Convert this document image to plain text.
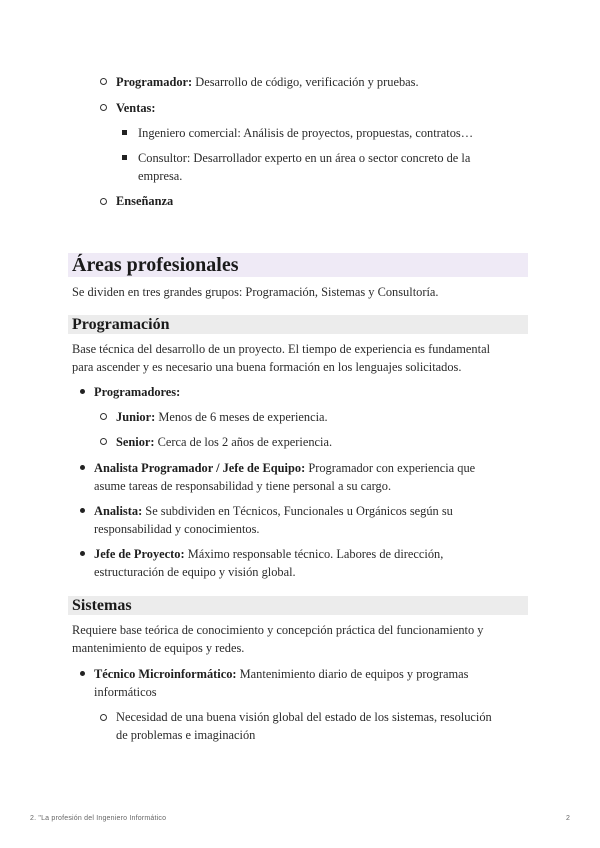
Programador: Desarrollo de código, verificación y pruebas.
Ventas:
Ingeniero comercial: Análisis de proyectos, propuestas, contratos…
Consultor: Desarrollador experto en un área o sector concreto de la
empresa.
Enseñanza
Áreas profesionales
Se dividen en tres grandes grupos: Programación, Sistemas y Consultoría.
Programación
Base técnica del desarrollo de un proyecto. El tiempo de experiencia es fundamental
para ascender y es necesario una buena formación en los lenguajes solicitados.
Programadores:
Junior: Menos de 6 meses de experiencia.
Senior: Cerca de los 2 años de experiencia.
Analista Programador / Jefe de Equipo: Programador con experiencia que
asume tareas de responsabilidad y tiene personal a su cargo.
Analista: Se subdividen en Técnicos, Funcionales u Orgánicos según su
responsabilidad y conocimientos.
Jefe de Proyecto: Máximo responsable técnico. Labores de dirección,
estructuración de equipo y visión global.
Sistemas
Requiere base teórica de conocimiento y concepción práctica del funcionamiento y
mantenimiento de equipos y redes.
Técnico Microinformático: Mantenimiento diario de equipos y programas
informáticos
Necesidad de una buena visión global del estado de los sistemas, resolución
de problemas e imaginación
2. "La profesión del Ingeniero Informático	2
